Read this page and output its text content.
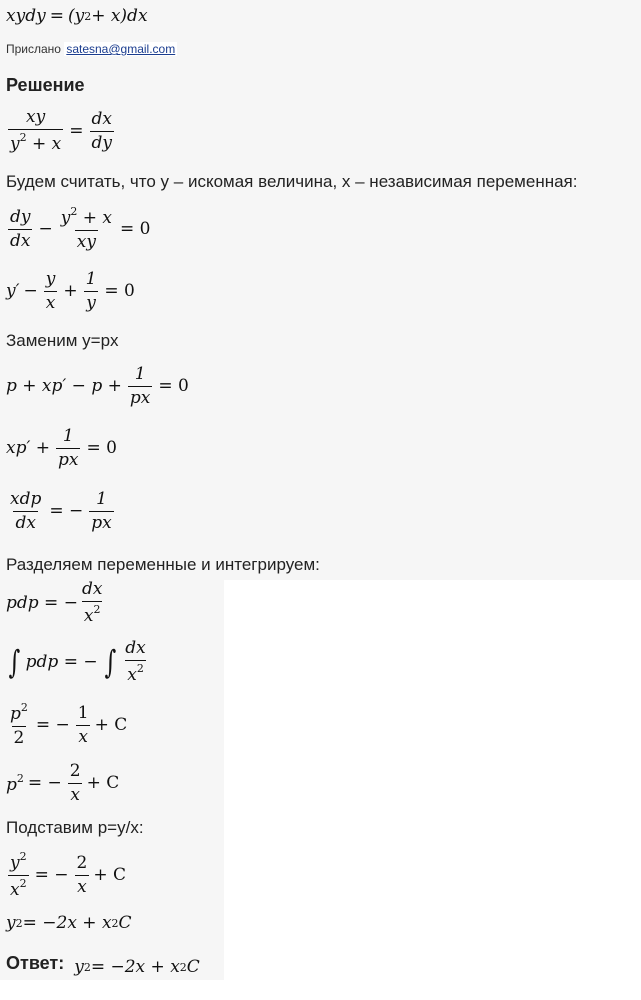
xydy = (y 2 + x)dx
Прислано satesna@gmail.com
Решение
$\frac{xy}{y^2 + x} = \frac{dx}{dy}$
Будем считать, что у – искомая величина, х – независимая переменная:
$\frac{dy}{dx} - \frac{y^2 + x}{xy} = 0$
$y' - \frac{y}{x} + \frac{1}{y} = 0$
Заменим y=px
$p + xp' - p + \frac{1}{px} = 0$
$xp' + \frac{1}{px} = 0$
$\frac{\text{xdp}}{dx}$ = − $\frac{1}{px}$
Разделяем переменные и интегрируем:
pdp = − $\frac{dx}{x^2}$
∫ pdp = − ∫ $\frac{dx}{x^2}$
$\frac{p^2}{2}$ = − $\frac{1}{x} + C$
$p^2$ = − $\frac{2}{x} + C$
Подставим p=y/x:
$\frac{y^2}{x^2}$ = − $\frac{2}{x} + C$
y 2 = −2x + x 2 C
Ответ: y 2 = −2x + x 2 C
